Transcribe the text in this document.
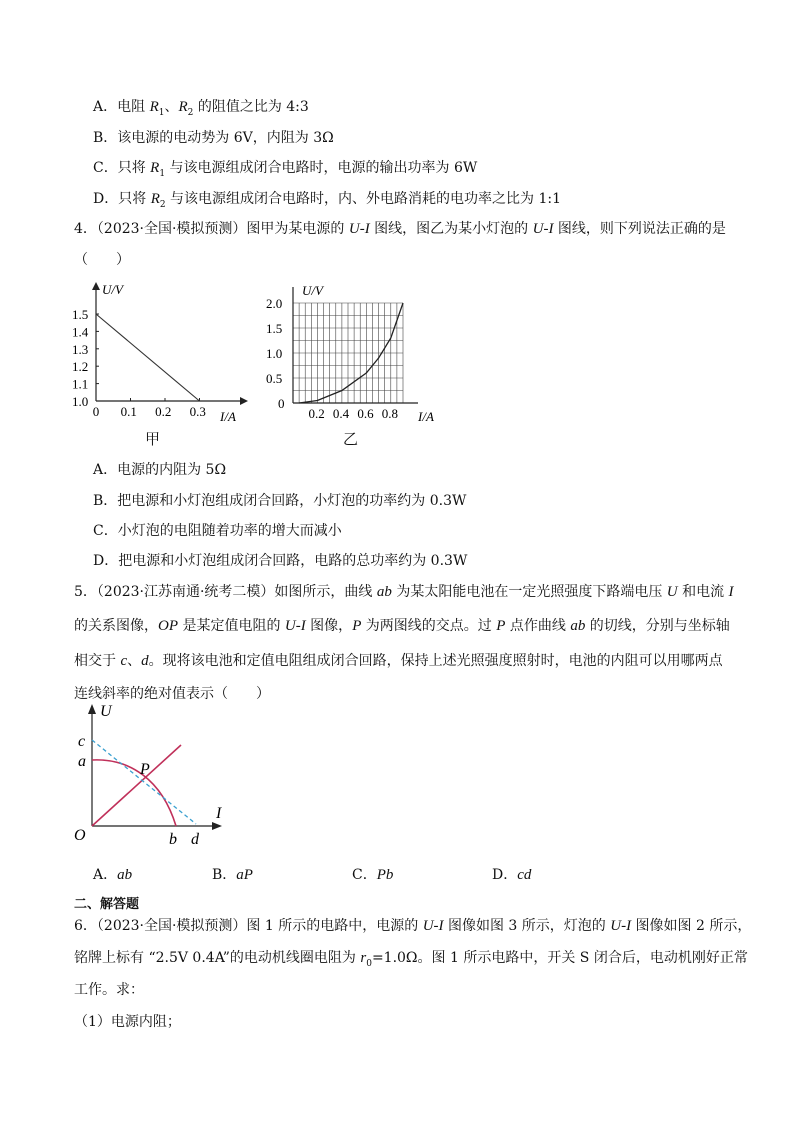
A．电阻 $R_1$、$R_2$ 的阻值之比为 4:3
B．该电源的电动势为 6V，内阻为 3Ω
C．只将 $R_1$ 与该电源组成闭合电路时，电源的输出功率为 6W
D．只将 $R_2$ 与该电源组成闭合电路时，内、外电路消耗的电功率之比为 1:1
4．（2023·全国·模拟预测）图甲为某电源的 U-I 图线，图乙为某小灯泡的 U-I 图线，则下列说法正确的是
（　　）
U/V
I/A
1.5
1.4
1.3
1.2
1.1
1.0
0 0.1 0.2 0.3
甲
U/V
I/A
2.0
1.5
1.0
0.5
0
0.2 0.4 0.6 0.8
乙
A．电源的内阻为 5Ω
B．把电源和小灯泡组成闭合回路，小灯泡的功率约为 0.3W
C．小灯泡的电阻随着功率的增大而减小
D．把电源和小灯泡组成闭合回路，电路的总功率约为 0.3W
5．（2023·江苏南通·统考二模）如图所示，曲线 ab 为某太阳能电池在一定光照强度下路端电压 U 和电流 I
的关系图像，OP 是某定值电阻的 U-I 图像，P 为两图线的交点。过 P 点作曲线 ab 的切线，分别与坐标轴
相交于 c、d。现将该电池和定值电阻组成闭合回路，保持上述光照强度照射时，电池的内阻可以用哪两点
连线斜率的绝对值表示（　　）
U
I
O
c
a	P
b d
A．ab	B．aP	C．Pb	D．cd
二、解答题
6．（2023·全国·模拟预测）图 1 所示的电路中，电源的 U-I 图像如图 3 所示，灯泡的 U-I 图像如图 2 所示，
铭牌上标有 “2.5V 0.4A”的电动机线圈电阻为 $r_0=1.0\Omega$。图 1 所示电路中，开关 S 闭合后，电动机刚好正常
工作。求：
（1）电源内阻；
